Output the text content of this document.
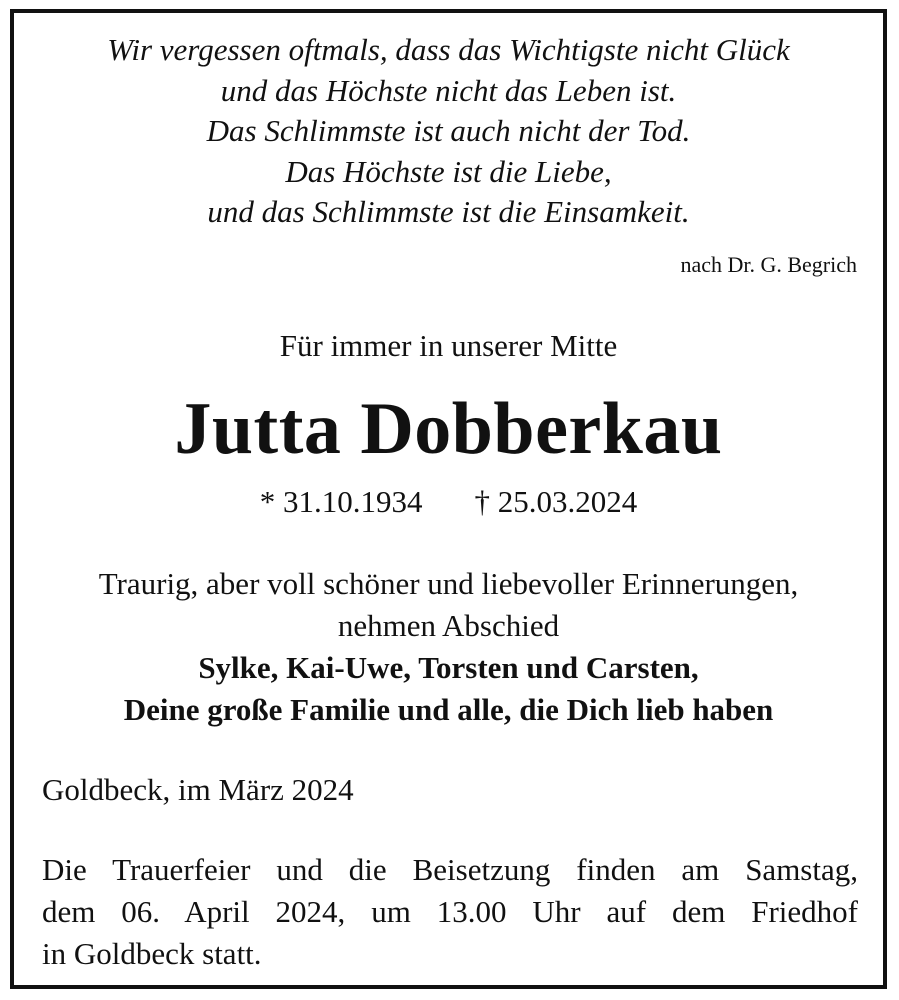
Wir vergessen oftmals, dass das Wichtigste nicht Glück
und das Höchste nicht das Leben ist.
Das Schlimmste ist auch nicht der Tod.
Das Höchste ist die Liebe,
und das Schlimmste ist die Einsamkeit.
nach Dr. G. Begrich
Für immer in unserer Mitte
Jutta Dobberkau
* 31.10.1934 † 25.03.2024
Traurig, aber voll schöner und liebevoller Erinnerungen,
nehmen Abschied
Sylke, Kai-Uwe, Torsten und Carsten,
Deine große Familie und alle, die Dich lieb haben
Goldbeck, im März 2024
Die Trauerfeier und die Beisetzung finden am Samstag,
dem 06. April 2024, um 13.00 Uhr auf dem Friedhof
in Goldbeck statt.
